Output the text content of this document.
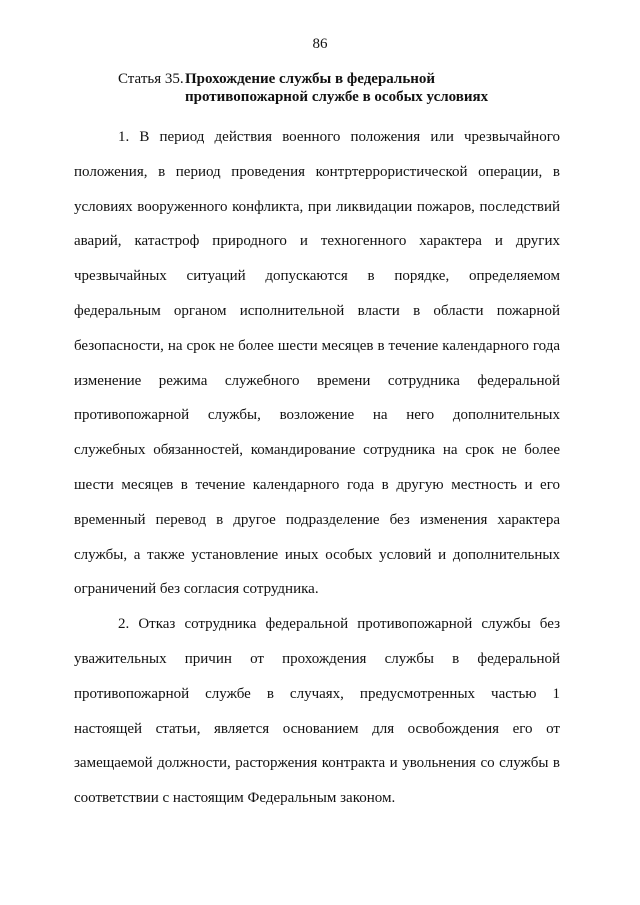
86
Статья 35. Прохождение службы в федеральной
противопожарной службе в особых условиях
1. В период действия военного положения или чрезвычайного
положения, в период проведения контртеррористической операции, в
условиях вооруженного конфликта, при ликвидации пожаров, последствий
аварий, катастроф природного и техногенного характера и других
чрезвычайных ситуаций допускаются в порядке, определяемом
федеральным органом исполнительной власти в области пожарной
безопасности, на срок не более шести месяцев в течение календарного года
изменение режима служебного времени сотрудника федеральной
противопожарной службы, возложение на него дополнительных
служебных обязанностей, командирование сотрудника на срок не более
шести месяцев в течение календарного года в другую местность и его
временный перевод в другое подразделение без изменения характера
службы, а также установление иных особых условий и дополнительных
ограничений без согласия сотрудника.
2. Отказ сотрудника федеральной противопожарной службы без
уважительных причин от прохождения службы в федеральной
противопожарной службе в случаях, предусмотренных частью 1
настоящей статьи, является основанием для освобождения его от
замещаемой должности, расторжения контракта и увольнения со службы в
соответствии с настоящим Федеральным законом.
